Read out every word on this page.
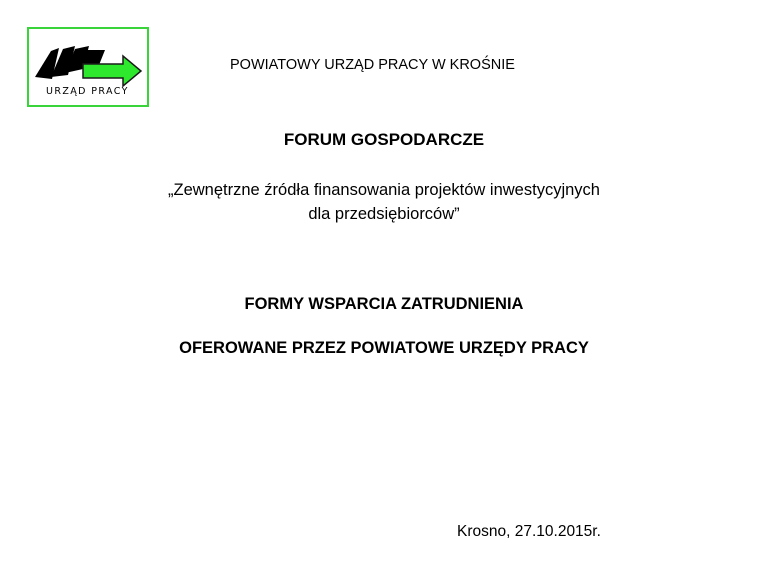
URZĄD PRACY
POWIATOWY URZĄD PRACY W KROŚNIE
FORUM GOSPODARCZE
„Zewnętrzne źródła finansowania projektów inwestycyjnych
dla przedsiębiorców”
FORMY WSPARCIA ZATRUDNIENIA
OFEROWANE PRZEZ POWIATOWE URZĘDY PRACY
Krosno, 27.10.2015r.
